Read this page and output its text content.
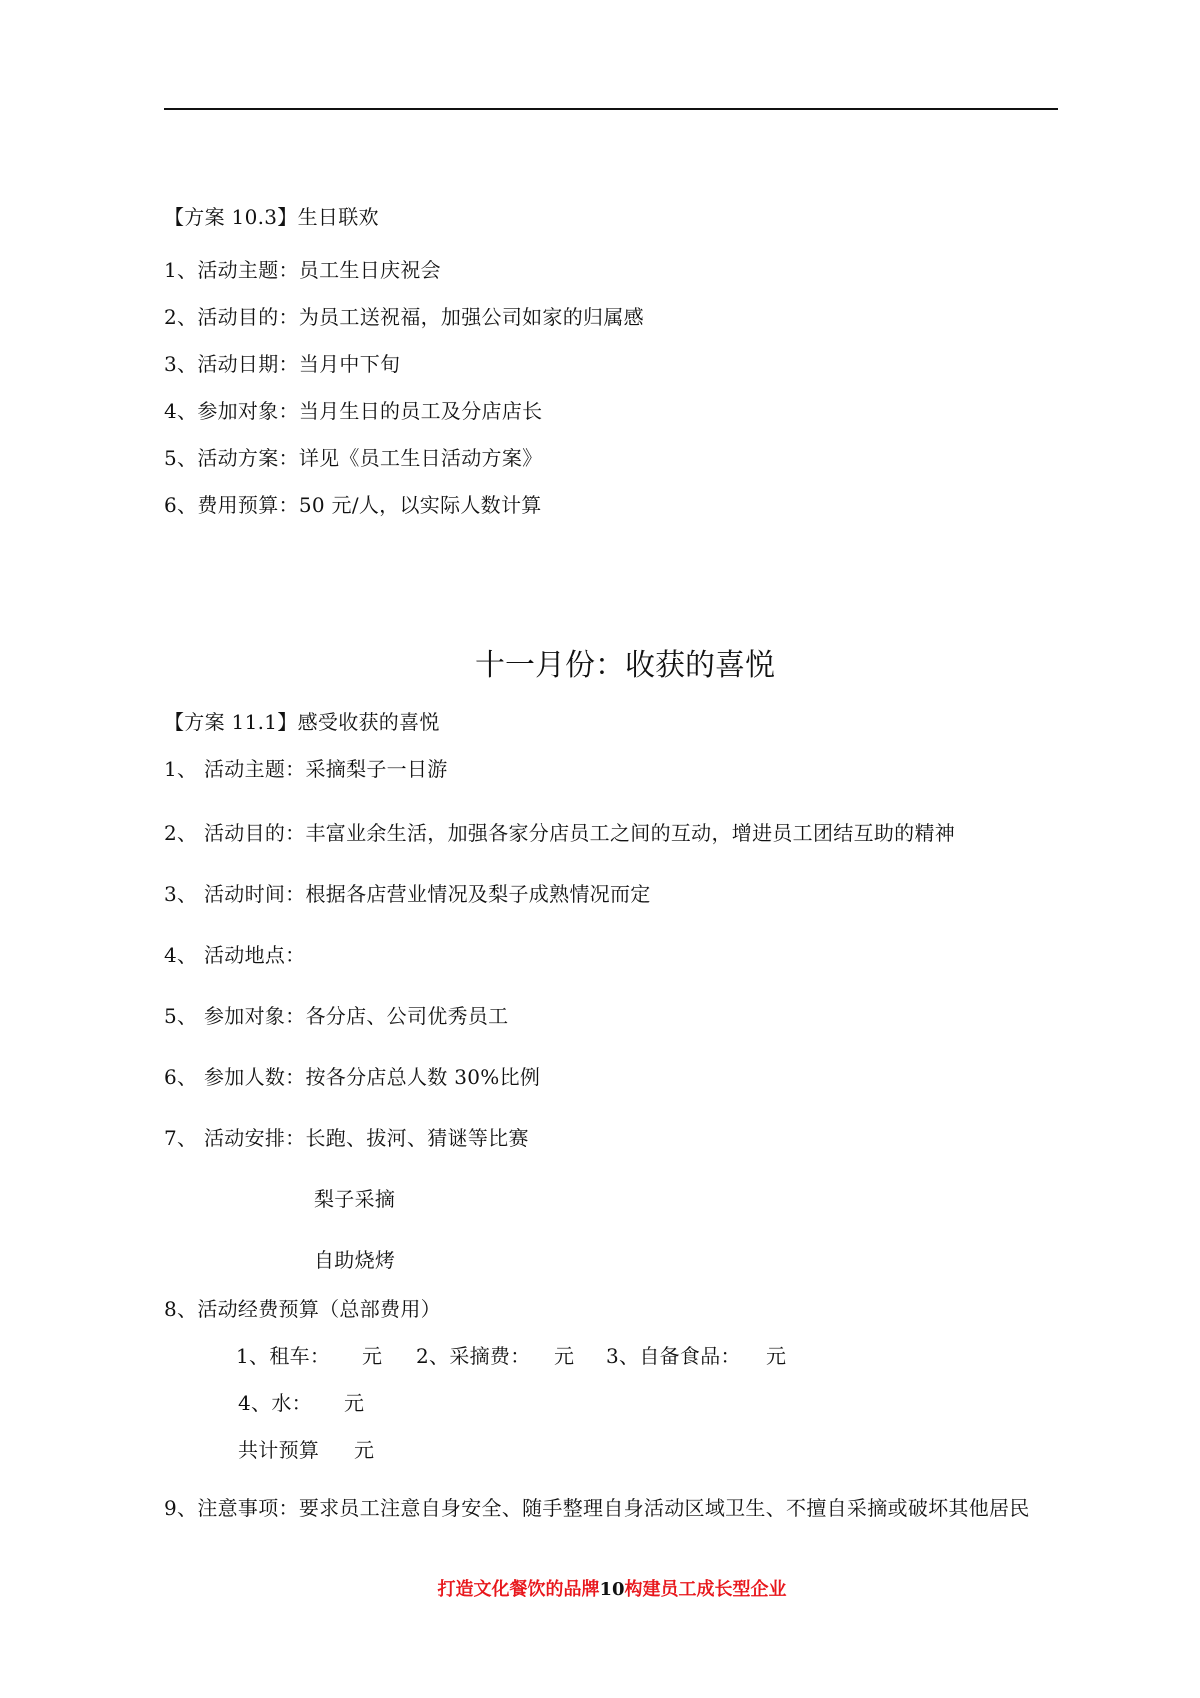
【方案 10.3】生日联欢
1、活动主题：员工生日庆祝会
2、活动目的：为员工送祝福，加强公司如家的归属感
3、活动日期：当月中下旬
4、参加对象：当月生日的员工及分店店长
5、活动方案：详见《员工生日活动方案》
6、费用预算：50 元/人，以实际人数计算
十一月份：收获的喜悦
【方案 11.1】感受收获的喜悦
1、 活动主题：采摘梨子一日游
2、 活动目的：丰富业余生活，加强各家分店员工之间的互动，增进员工团结互助的精神
3、 活动时间：根据各店营业情况及梨子成熟情况而定
4、 活动地点：
5、 参加对象：各分店、公司优秀员工
6、 参加人数：按各分店总人数 30%比例
7、 活动安排：长跑、拔河、猜谜等比赛
梨子采摘
自助烧烤
8、活动经费预算（总部费用）
1、租车： 元 2、采摘费： 元 3、自备食品： 元
4、水： 元
共计预算 元
9、注意事项：要求员工注意自身安全、随手整理自身活动区域卫生、不擅自采摘或破坏其他居民
打造文化餐饮的品牌10构建员工成长型企业
